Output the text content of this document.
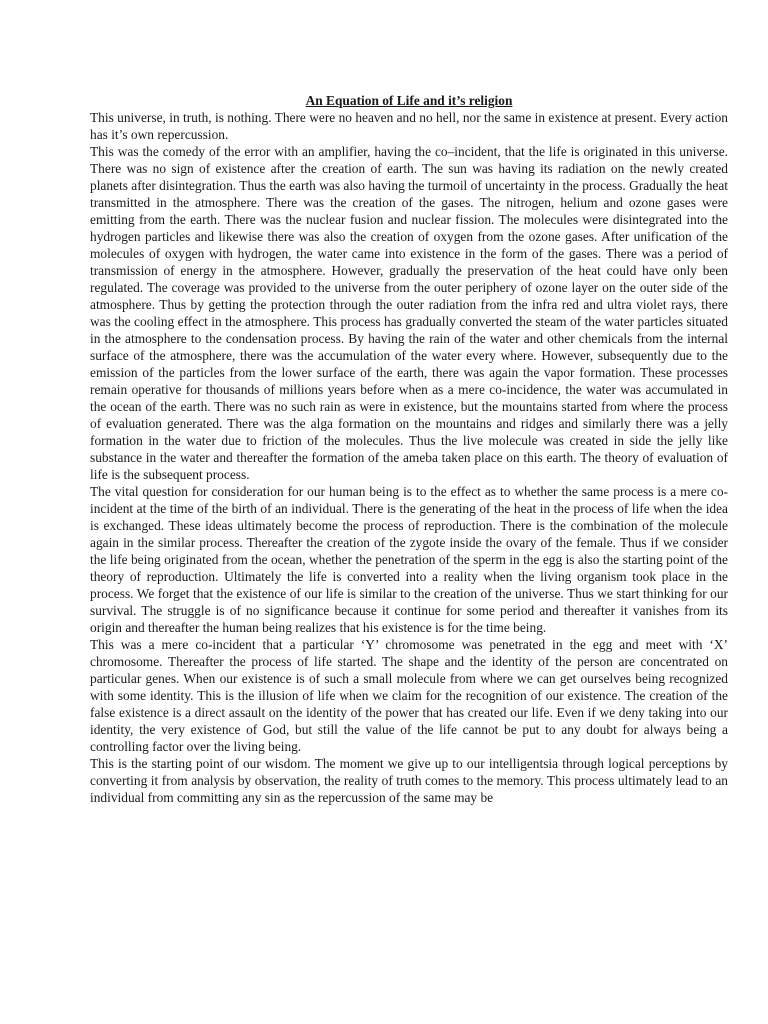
An Equation of Life and it’s religion

This universe, in truth, is nothing. There were no heaven and no hell, nor the same in existence at present. Every action has it’s own repercussion.

This was the comedy of the error with an amplifier, having the co–incident, that the life is originated in this universe. There was no sign of existence after the creation of earth. The sun was having its radiation on the newly created planets after disintegration. Thus the earth was also having the turmoil of uncertainty in the process. Gradually the heat transmitted in the atmosphere. There was the creation of the gases. The nitrogen, helium and ozone gases were emitting from the earth. There was the nuclear fusion and nuclear fission. The molecules were disintegrated into the hydrogen particles and likewise there was also the creation of oxygen from the ozone gases. After unification of the molecules of oxygen with hydrogen, the water came into existence in the form of the gases. There was a period of transmission of energy in the atmosphere. However, gradually the preservation of the heat could have only been regulated. The coverage was provided to the universe from the outer periphery of ozone layer on the outer side of the atmosphere. Thus by getting the protection through the outer radiation from the infra red and ultra violet rays, there was the cooling effect in the atmosphere. This process has gradually converted the steam of the water particles situated in the atmosphere to the condensation process. By having the rain of the water and other chemicals from the internal surface of the atmosphere, there was the accumulation of the water every where. However, subsequently due to the emission of the particles from the lower surface of the earth, there was again the vapor formation. These processes remain operative for thousands of millions years before when as a mere co-incidence, the water was accumulated in the ocean of the earth. There was no such rain as were in existence, but the mountains started from where the process of evaluation generated. There was the alga formation on the mountains and ridges and similarly there was a jelly formation in the water due to friction of the molecules. Thus the live molecule was created in side the jelly like substance in the water and thereafter the formation of the ameba taken place on this earth. The theory of evaluation of life is the subsequent process.

The vital question for consideration for our human being is to the effect as to whether the same process is a mere co-incident at the time of the birth of an individual. There is the generating of the heat in the process of life when the idea is exchanged. These ideas ultimately become the process of reproduction. There is the combination of the molecule again in the similar process. Thereafter the creation of the zygote inside the ovary of the female. Thus if we consider the life being originated from the ocean, whether the penetration of the sperm in the egg is also the starting point of the theory of reproduction. Ultimately the life is converted into a reality when the living organism took place in the process. We forget that the existence of our life is similar to the creation of the universe. Thus we start thinking for our survival. The struggle is of no significance because it continue for some period and thereafter it vanishes from its origin and thereafter the human being realizes that his existence is for the time being.

This was a mere co-incident that a particular ‘Y’ chromosome was penetrated in the egg and meet with ‘X’ chromosome. Thereafter the process of life started. The shape and the identity of the person are concentrated on particular genes. When our existence is of such a small molecule from where we can get ourselves being recognized with some identity. This is the illusion of life when we claim for the recognition of our existence. The creation of the false existence is a direct assault on the identity of the power that has created our life. Even if we deny taking into our identity, the very existence of God, but still the value of the life cannot be put to any doubt for always being a controlling factor over the living being.

This is the starting point of our wisdom. The moment we give up to our intelligentsia through logical perceptions by converting it from analysis by observation, the reality of truth comes to the memory. This process ultimately lead to an individual from committing any sin as the repercussion of the same may be
